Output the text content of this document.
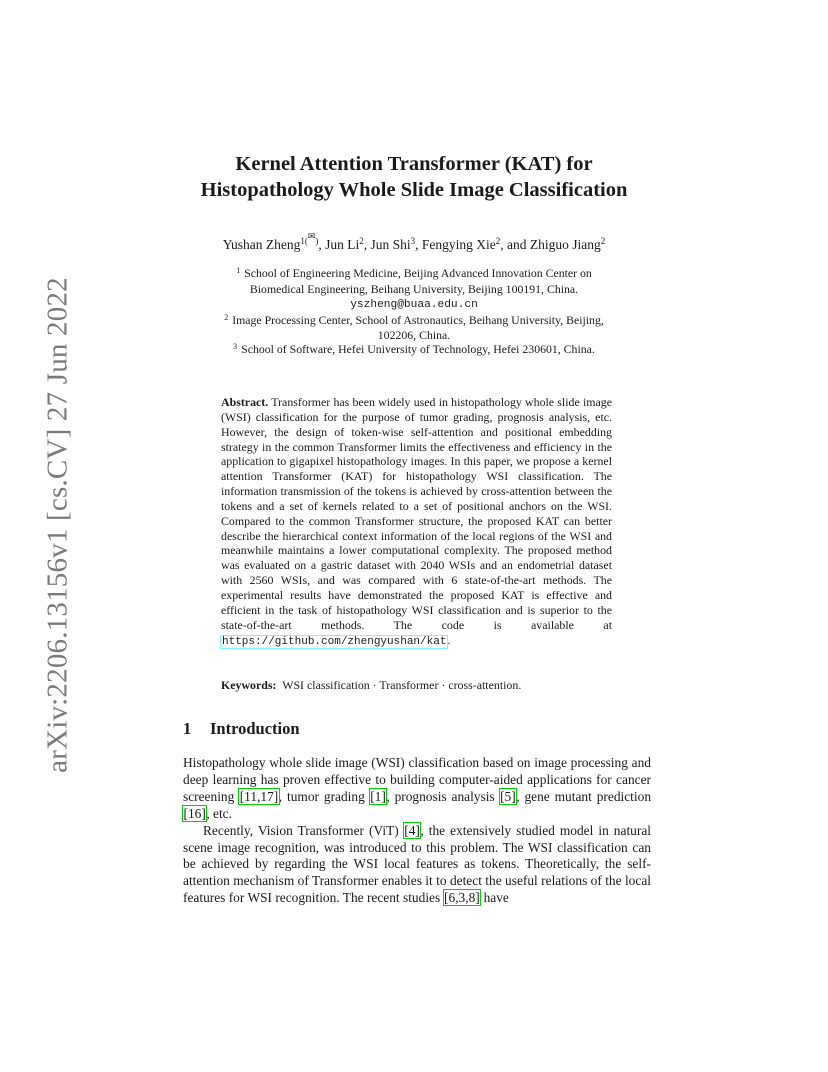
arXiv:2206.13156v1 [cs.CV] 27 Jun 2022
Kernel Attention Transformer (KAT) for
Histopathology Whole Slide Image Classification
Yushan Zheng$^{1(✉)}$, Jun Li$^2$, Jun Shi$^3$, Fengying Xie$^2$, and Zhiguo Jiang$^2$
$^1$ School of Engineering Medicine, Beijing Advanced Innovation Center on
Biomedical Engineering, Beihang University, Beijing 100191, China.
yszheng@buaa.edu.cn
$^2$ Image Processing Center, School of Astronautics, Beihang University, Beijing,
102206, China.
$^3$ School of Software, Hefei University of Technology, Hefei 230601, China.
Abstract. Transformer has been widely used in histopathology whole slide image (WSI) classification for the purpose of tumor grading, prognosis analysis, etc. However, the design of token-wise self-attention and positional embedding strategy in the common Transformer limits the effectiveness and efficiency in the application to gigapixel histopathology images. In this paper, we propose a kernel attention Transformer (KAT) for histopathology WSI classification. The information transmission of the tokens is achieved by cross-attention between the tokens and a set of kernels related to a set of positional anchors on the WSI. Compared to the common Transformer structure, the proposed KAT can better describe the hierarchical context information of the local regions of the WSI and meanwhile maintains a lower computational complexity. The proposed method was evaluated on a gastric dataset with 2040 WSIs and an endometrial dataset with 2560 WSIs, and was compared with 6 state-of-the-art methods. The experimental results have demonstrated the proposed KAT is effective and efficient in the task of histopathology WSI classification and is superior to the state-of-the-art methods. The code is available at https://github.com/zhengyushan/kat.
Keywords: WSI classification · Transformer · cross-attention.
1 Introduction

Histopathology whole slide image (WSI) classification based on image processing and deep learning has proven effective to building computer-aided applications for cancer screening [11,17], tumor grading [1], prognosis analysis [5], gene mutant prediction [16], etc.

Recently, Vision Transformer (ViT) [4], the extensively studied model in natural scene image recognition, was introduced to this problem. The WSI classification can be achieved by regarding the WSI local features as tokens. Theoretically, the self-attention mechanism of Transformer enables it to detect the useful relations of the local features for WSI recognition. The recent studies [6,3,8] have
